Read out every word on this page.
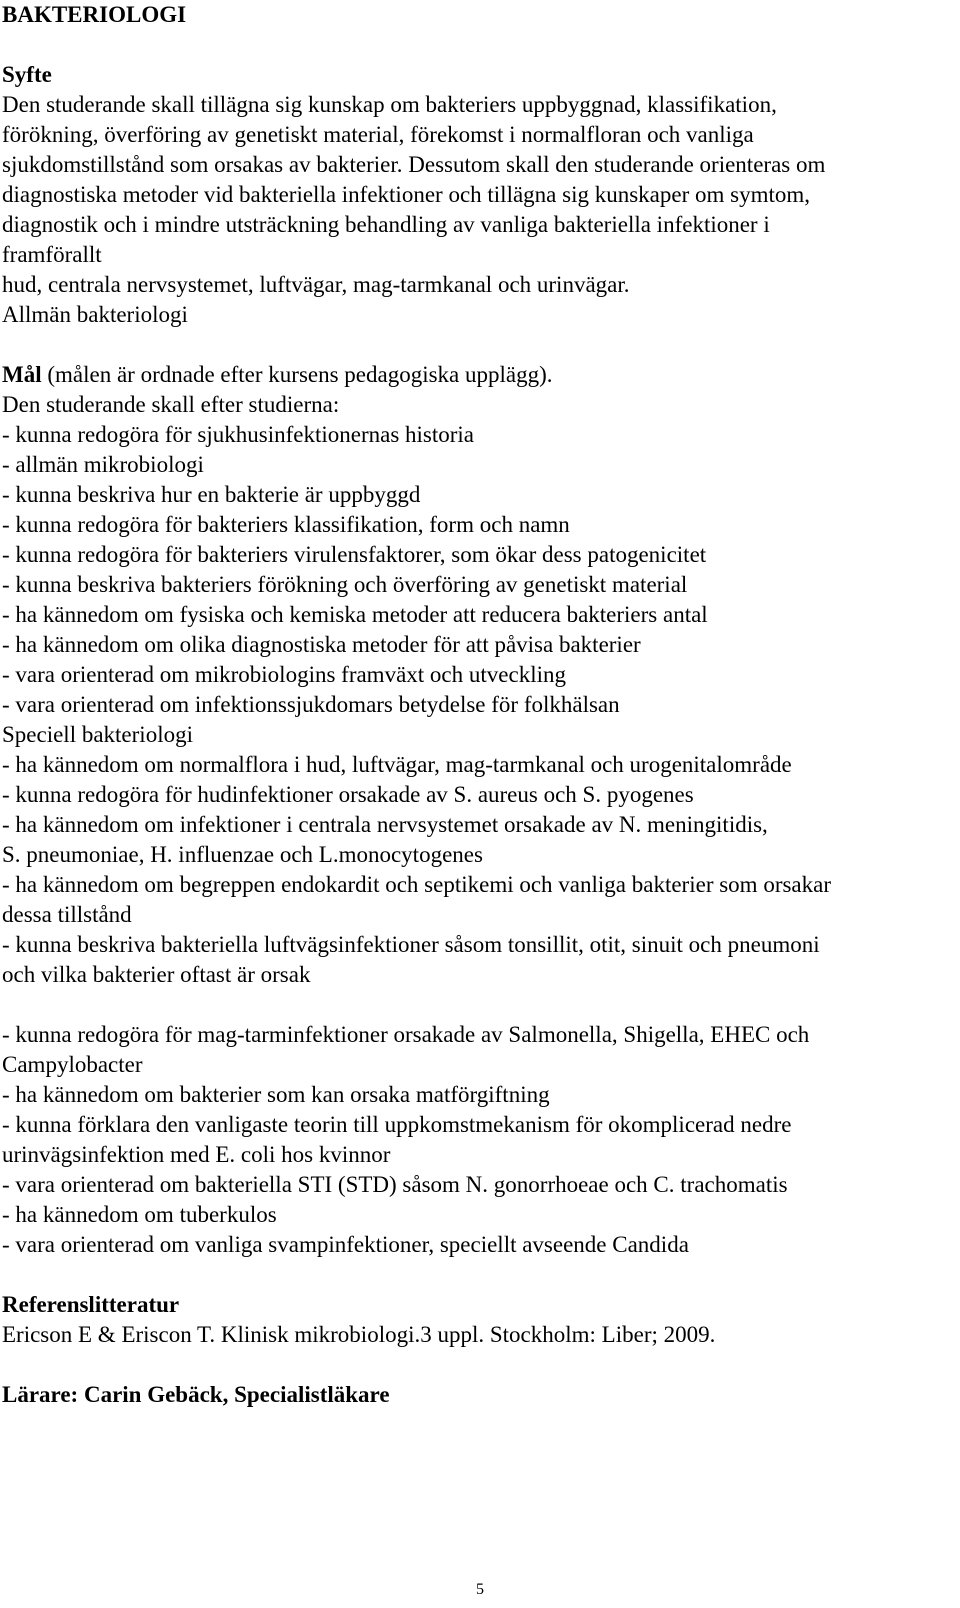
BAKTERIOLOGI
Syfte
Den studerande skall tillägna sig kunskap om bakteriers uppbyggnad, klassifikation,
förökning, överföring av genetiskt material, förekomst i normalfloran och vanliga
sjukdomstillstånd som orsakas av bakterier. Dessutom skall den studerande orienteras om
diagnostiska metoder vid bakteriella infektioner och tillägna sig kunskaper om symtom,
diagnostik och i mindre utsträckning behandling av vanliga bakteriella infektioner i
framförallt
hud, centrala nervsystemet, luftvägar, mag-tarmkanal och urinvägar.
Allmän bakteriologi
Mål (målen är ordnade efter kursens pedagogiska upplägg).
Den studerande skall efter studierna:
- kunna redogöra för sjukhusinfektionernas historia
- allmän mikrobiologi
- kunna beskriva hur en bakterie är uppbyggd
- kunna redogöra för bakteriers klassifikation, form och namn
- kunna redogöra för bakteriers virulensfaktorer, som ökar dess patogenicitet
- kunna beskriva bakteriers förökning och överföring av genetiskt material
- ha kännedom om fysiska och kemiska metoder att reducera bakteriers antal
- ha kännedom om olika diagnostiska metoder för att påvisa bakterier
- vara orienterad om mikrobiologins framväxt och utveckling
- vara orienterad om infektionssjukdomars betydelse för folkhälsan
Speciell bakteriologi
- ha kännedom om normalflora i hud, luftvägar, mag-tarmkanal och urogenitalområde
- kunna redogöra för hudinfektioner orsakade av S. aureus och S. pyogenes
- ha kännedom om infektioner i centrala nervsystemet orsakade av N. meningitidis,
S. pneumoniae, H. influenzae och L.monocytogenes
- ha kännedom om begreppen endokardit och septikemi och vanliga bakterier som orsakar
dessa tillstånd
- kunna beskriva bakteriella luftvägsinfektioner såsom tonsillit, otit, sinuit och pneumoni
och vilka bakterier oftast är orsak
- kunna redogöra för mag-tarminfektioner orsakade av Salmonella, Shigella, EHEC och
Campylobacter
- ha kännedom om bakterier som kan orsaka matförgiftning
- kunna förklara den vanligaste teorin till uppkomstmekanism för okomplicerad nedre
urinvägsinfektion med E. coli hos kvinnor
- vara orienterad om bakteriella STI (STD) såsom N. gonorrhoeae och C. trachomatis
- ha kännedom om tuberkulos
- vara orienterad om vanliga svampinfektioner, speciellt avseende Candida
Referenslitteratur
Ericson E & Eriscon T. Klinisk mikrobiologi.3 uppl. Stockholm: Liber; 2009.
Lärare: Carin Gebäck, Specialistläkare
5
